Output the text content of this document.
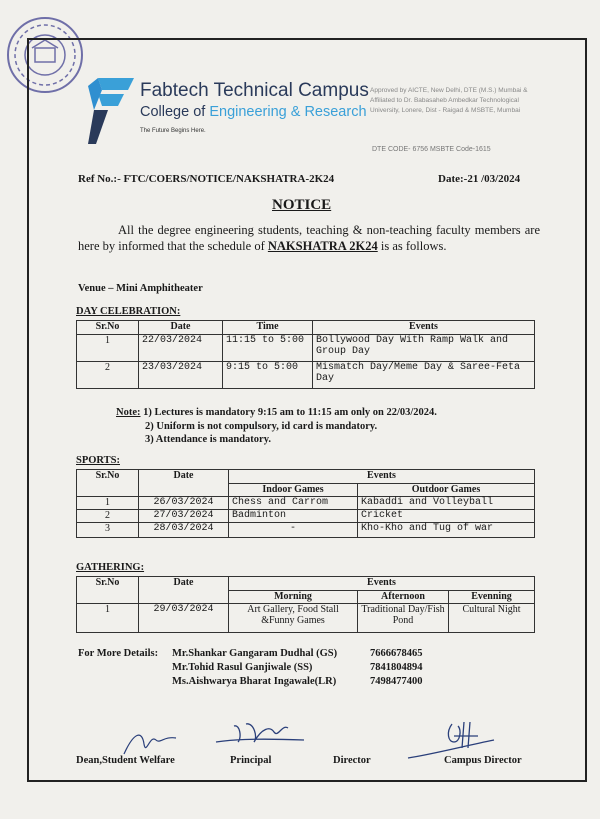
Fabtech Technical Campus
College of Engineering & Research
The Future Begins Here.
Approved by AICTE, New Delhi, DTE (M.S.) Mumbai & Affiliated to Dr. Babasaheb Ambedkar Technological University, Lonere, Dist - Raigad & MSBTE, Mumbai
DTE CODE- 6756 MSBTE Code-1615
Ref No.:- FTC/COERS/NOTICE/NAKSHATRA-2K24	Date:-21 /03/2024
NOTICE
All the degree engineering students, teaching & non-teaching faculty members are here by informed that the schedule of NAKSHATRA 2K24 is as follows.
Venue – Mini Amphitheater
DAY CELEBRATION:
Sr.No	Date	Time	Events
1	22/03/2024	11:15 to 5:00	Bollywood Day With Ramp Walk and Group Day
2	23/03/2024	9:15 to 5:00	Mismatch Day/Meme Day & Saree-Feta Day
Note: 1) Lectures is mandatory 9:15 am to 11:15 am only on 22/03/2024.
2) Uniform is not compulsory, id card is mandatory.
3) Attendance is mandatory.
SPORTS:
Sr.No	Date	Events	
		Indoor Games	Outdoor Games
1	26/03/2024	Chess and Carrom	Kabaddi and Volleyball
2	27/03/2024	Badminton	Cricket
3	28/03/2024	-	Kho-Kho and Tug of war
GATHERING:
Sr.No	Date	Events		
		Morning	Afternoon	Evenning
1	29/03/2024	Art Gallery, Food Stall &Funny Games	Traditional Day/Fish Pond	Cultural Night
For More Details:	Mr.Shankar Gangaram Dudhal (GS)	7666678465
	Mr.Tohid Rasul Ganjiwale (SS)	7841804894
	Ms.Aishwarya Bharat Ingawale(LR)	7498477400
Dean,Student Welfare	Principal	Director	Campus Director
